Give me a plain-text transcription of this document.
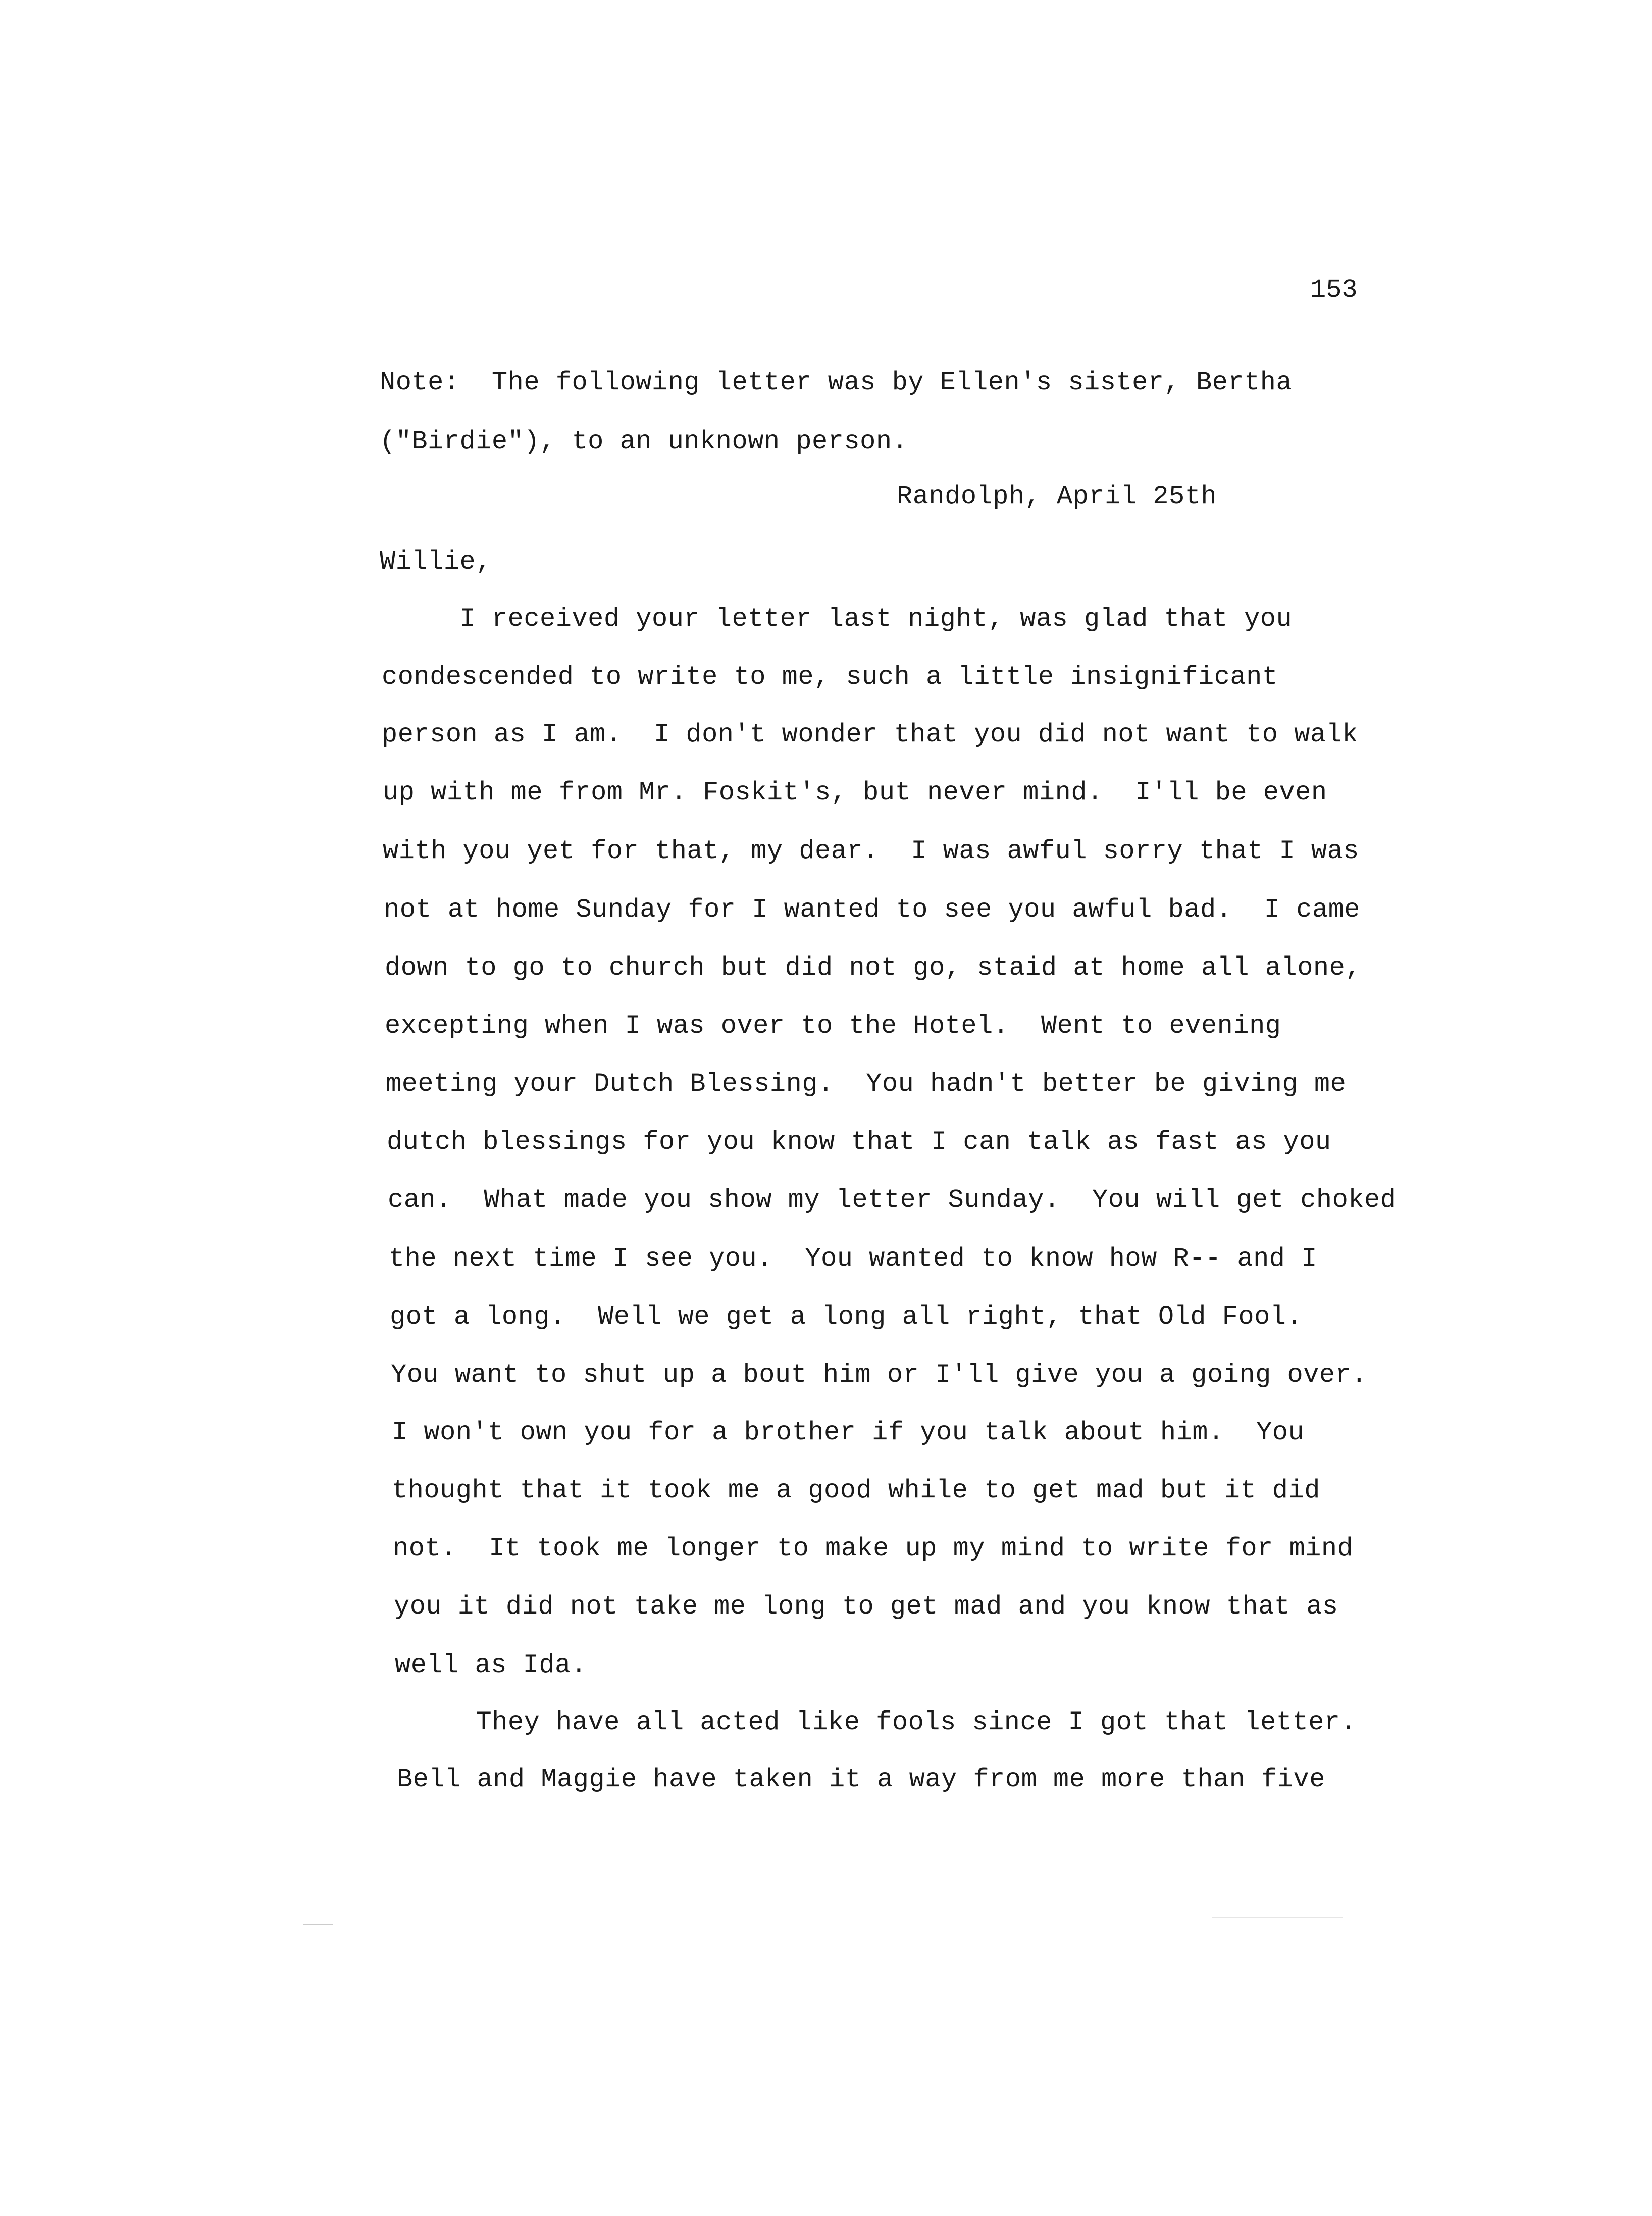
153
Note:  The following letter was by Ellen's sister, Bertha
("Birdie"), to an unknown person.
Randolph, April 25th
Willie,
I received your letter last night, was glad that you
condescended to write to me, such a little insignificant
person as I am.  I don't wonder that you did not want to walk
up with me from Mr. Foskit's, but never mind.  I'll be even
with you yet for that, my dear.  I was awful sorry that I was
not at home Sunday for I wanted to see you awful bad.  I came
down to go to church but did not go, staid at home all alone,
excepting when I was over to the Hotel.  Went to evening
meeting your Dutch Blessing.  You hadn't better be giving me
dutch blessings for you know that I can talk as fast as you
can.  What made you show my letter Sunday.  You will get choked
the next time I see you.  You wanted to know how R-- and I
got a long.  Well we get a long all right, that Old Fool.
You want to shut up a bout him or I'll give you a going over.
I won't own you for a brother if you talk about him.  You
thought that it took me a good while to get mad but it did
not.  It took me longer to make up my mind to write for mind
you it did not take me long to get mad and you know that as
well as Ida.
They have all acted like fools since I got that letter.
Bell and Maggie have taken it a way from me more than five
